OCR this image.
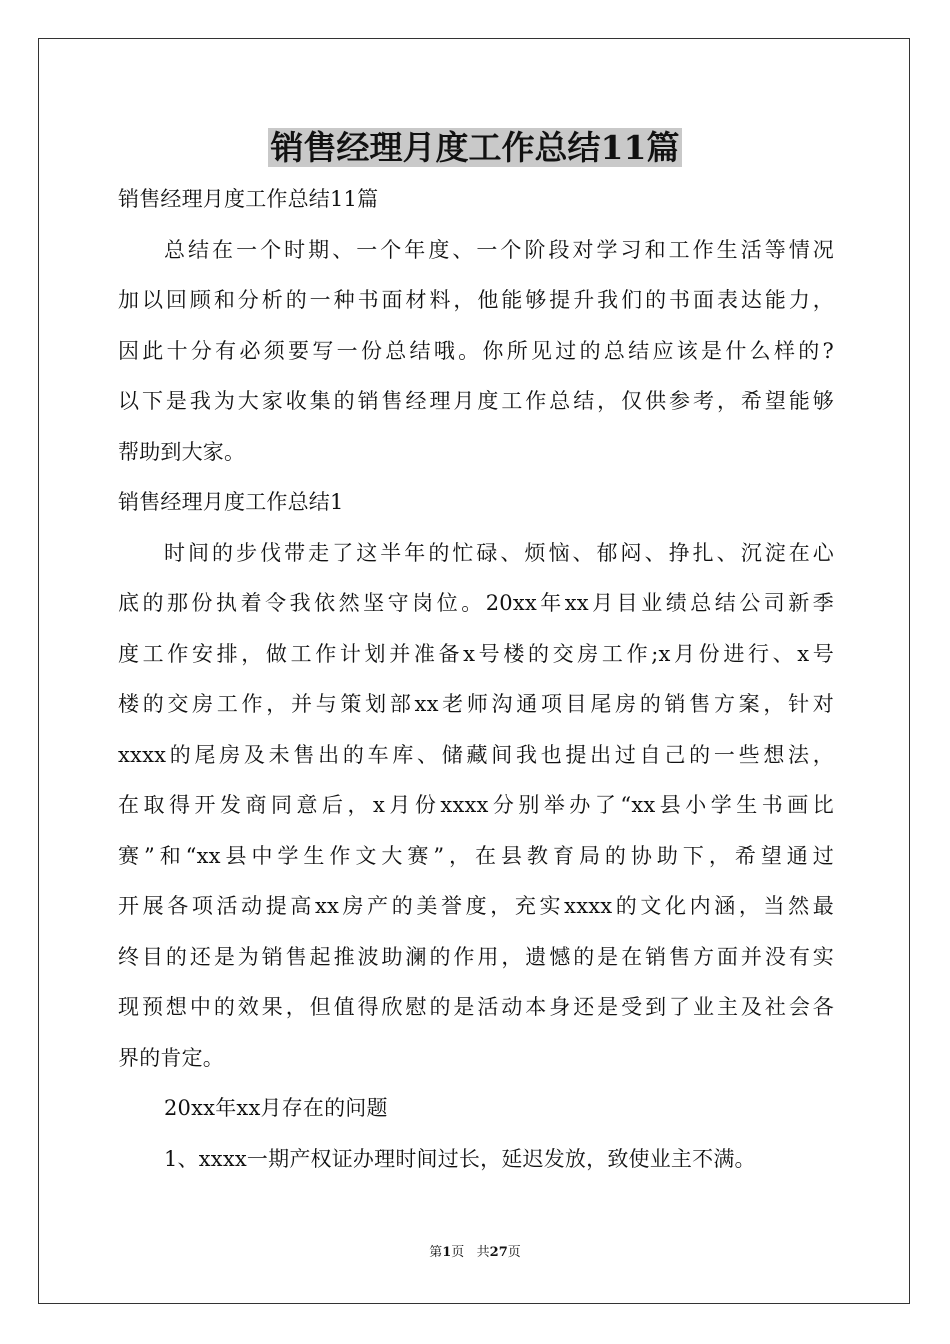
销售经理月度工作总结11篇

销售经理月度工作总结11篇

总结在一个时期、一个年度、一个阶段对学习和工作生活等情况

加以回顾和分析的一种书面材料，他能够提升我们的书面表达能力，

因此十分有必须要写一份总结哦。你所见过的总结应该是什么样的?

以下是我为大家收集的销售经理月度工作总结，仅供参考，希望能够

帮助到大家。

销售经理月度工作总结1

时间的步伐带走了这半年的忙碌、烦恼、郁闷、挣扎、沉淀在心

底的那份执着令我依然坚守岗位。20xx年xx月目业绩总结公司新季

度工作安排，做工作计划并准备x号楼的交房工作;x月份进行、x号

楼的交房工作，并与策划部xx老师沟通项目尾房的销售方案，针对

xxxx的尾房及未售出的车库、储藏间我也提出过自己的一些想法，

在取得开发商同意后，x月份xxxx分别举办了“xx县小学生书画比

赛”和“xx县中学生作文大赛”，在县教育局的协助下，希望通过

开展各项活动提高xx房产的美誉度，充实xxxx的文化内涵，当然最

终目的还是为销售起推波助澜的作用，遗憾的是在销售方面并没有实

现预想中的效果，但值得欣慰的是活动本身还是受到了业主及社会各

界的肯定。

20xx年xx月存在的问题

1、xxxx一期产权证办理时间过长，延迟发放，致使业主不满。

第1页   共27页
